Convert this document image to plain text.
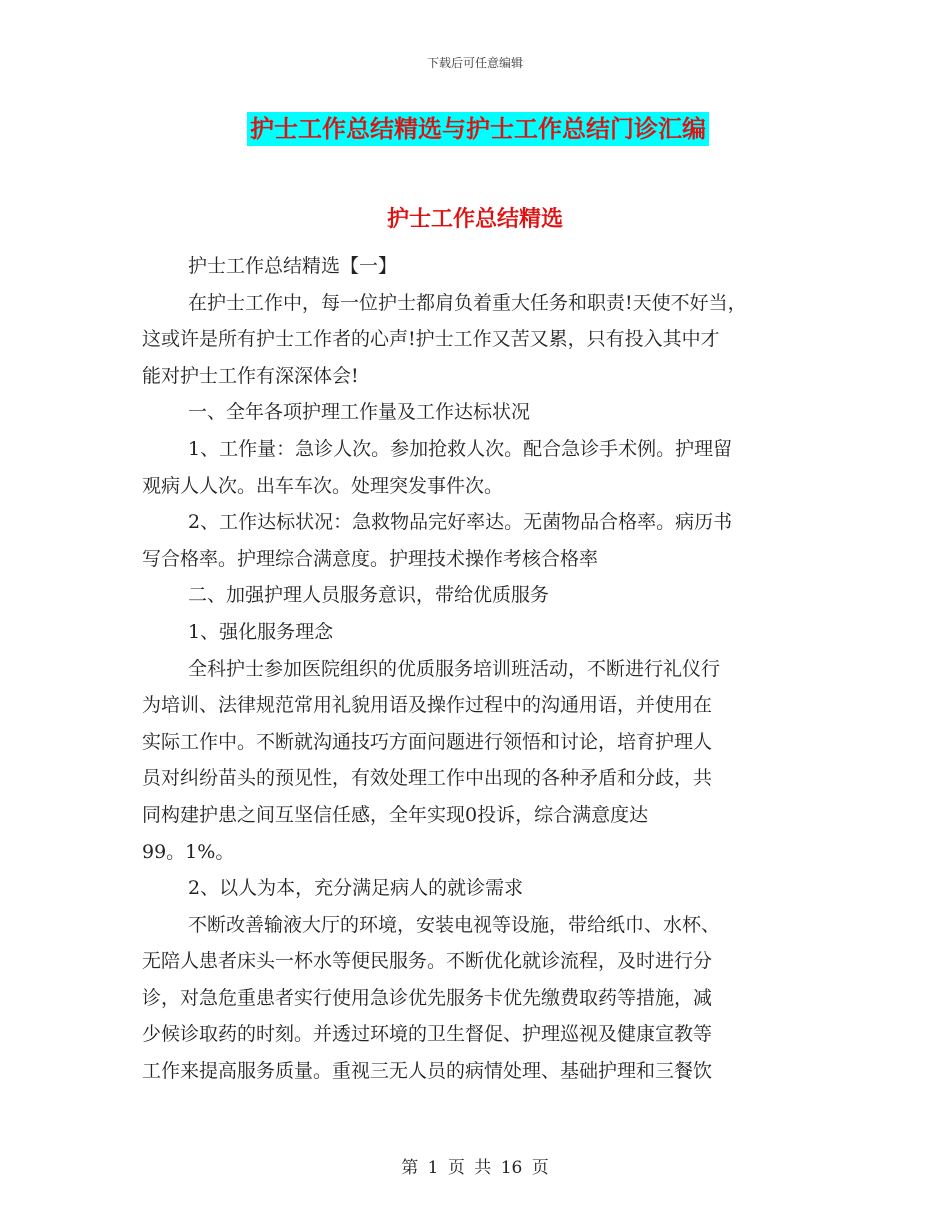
下载后可任意编辑
护士工作总结精选与护士工作总结门诊汇编
护士工作总结精选
护士工作总结精选【一】
在护士工作中，每一位护士都肩负着重大任务和职责!天使不好当，
这或许是所有护士工作者的心声!护士工作又苦又累，只有投入其中才
能对护士工作有深深体会!
一、全年各项护理工作量及工作达标状况
1、工作量：急诊人次。参加抢救人次。配合急诊手术例。护理留
观病人人次。出车车次。处理突发事件次。
2、工作达标状况：急救物品完好率达。无菌物品合格率。病历书
写合格率。护理综合满意度。护理技术操作考核合格率
二、加强护理人员服务意识，带给优质服务
1、强化服务理念
全科护士参加医院组织的优质服务培训班活动，不断进行礼仪行
为培训、法律规范常用礼貌用语及操作过程中的沟通用语，并使用在
实际工作中。不断就沟通技巧方面问题进行领悟和讨论，培育护理人
员对纠纷苗头的预见性，有效处理工作中出现的各种矛盾和分歧，共
同构建护患之间互坚信任感，全年实现0投诉，综合满意度达
99。1%。
2、以人为本，充分满足病人的就诊需求
不断改善输液大厅的环境，安装电视等设施，带给纸巾、水杯、
无陪人患者床头一杯水等便民服务。不断优化就诊流程，及时进行分
诊，对急危重患者实行使用急诊优先服务卡优先缴费取药等措施，减
少候诊取药的时刻。并透过环境的卫生督促、护理巡视及健康宣教等
工作来提高服务质量。重视三无人员的病情处理、基础护理和三餐饮
第 1 页 共 16 页
